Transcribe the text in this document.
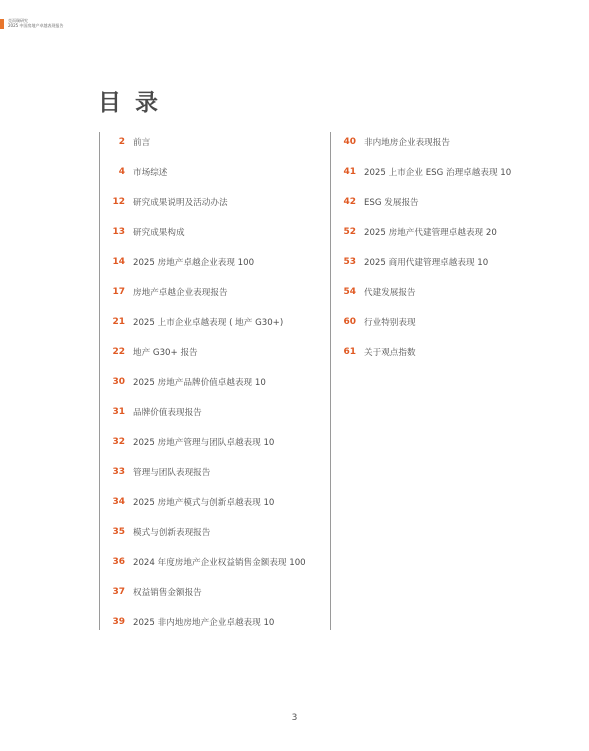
克而瑞研究
2025 中国房地产卓越表现报告
目 录
2 前言
4 市场综述
12 研究成果说明及活动办法
13 研究成果构成
14 2025 房地产卓越企业表现 100
17 房地产卓越企业表现报告
21 2025 上市企业卓越表现 ( 地产 G30+)
22 地产 G30+ 报告
30 2025 房地产品牌价值卓越表现 10
31 品牌价值表现报告
32 2025 房地产管理与团队卓越表现 10
33 管理与团队表现报告
34 2025 房地产模式与创新卓越表现 10
35 模式与创新表现报告
36 2024 年度房地产企业权益销售金额表现 100
37 权益销售金额报告
39 2025 非内地房地产企业卓越表现 10
40 非内地房企业表现报告
41 2025 上市企业 ESG 治理卓越表现 10
42 ESG 发展报告
52 2025 房地产代建管理卓越表现 20
53 2025 商用代建管理卓越表现 10
54 代建发展报告
60 行业特别表现
61 关于观点指数
3
